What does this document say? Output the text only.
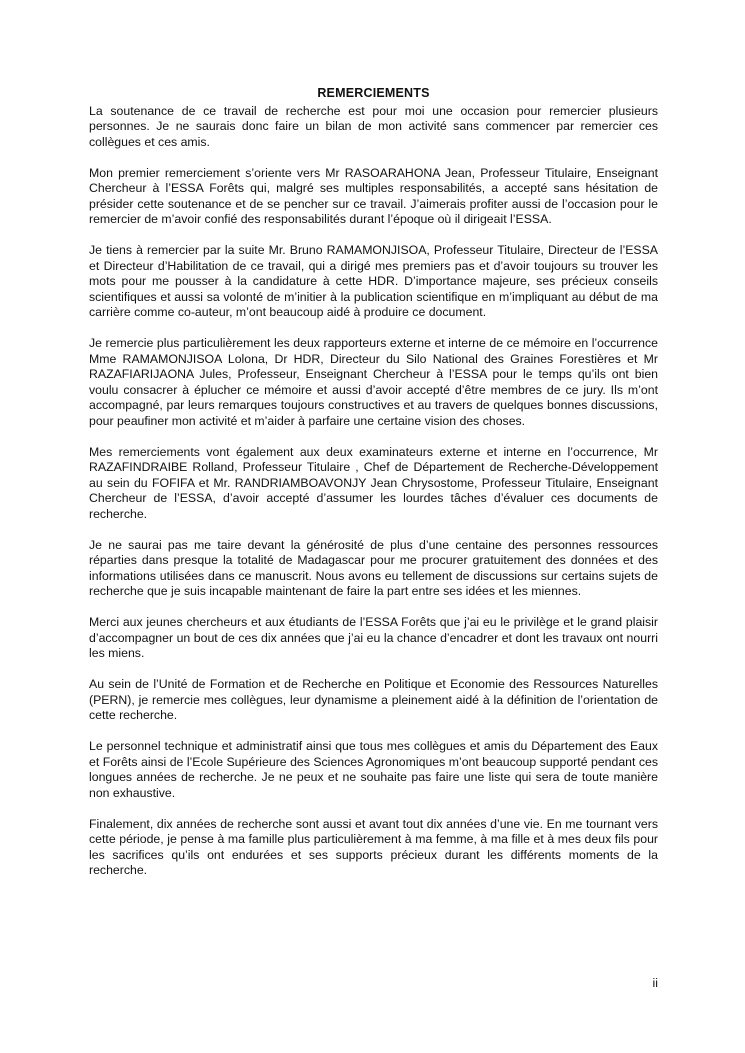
REMERCIEMENTS

La soutenance de ce travail de recherche est pour moi une occasion pour remercier plusieurs personnes. Je ne saurais donc faire un bilan de mon activité sans commencer par remercier ces collègues et ces amis.

Mon premier remerciement s’oriente vers Mr RASOARAHONA Jean, Professeur Titulaire, Enseignant Chercheur à l’ESSA Forêts qui, malgré ses multiples responsabilités, a accepté sans hésitation de présider cette soutenance et de se pencher sur ce travail. J’aimerais profiter aussi de l’occasion pour le remercier de m’avoir confié des responsabilités durant l’époque où il dirigeait l’ESSA.

Je tiens à remercier par la suite Mr. Bruno RAMAMONJISOA, Professeur Titulaire, Directeur de l’ESSA et Directeur d’Habilitation de ce travail, qui a dirigé mes premiers pas et d’avoir toujours su trouver les mots pour me pousser à la candidature à cette HDR. D’importance majeure, ses précieux conseils scientifiques et aussi sa volonté de m’initier à la publication scientifique en m’impliquant au début de ma carrière comme co-auteur, m’ont beaucoup aidé à produire ce document.

Je remercie plus particulièrement les deux rapporteurs externe et interne de ce mémoire en l’occurrence Mme RAMAMONJISOA Lolona, Dr HDR, Directeur du Silo National des Graines Forestières et Mr RAZAFIARIJAONA Jules, Professeur, Enseignant Chercheur à l’ESSA pour le temps qu’ils ont bien voulu consacrer à éplucher ce mémoire et aussi d’avoir accepté d’être membres de ce jury. Ils m’ont accompagné, par leurs remarques toujours constructives et au travers de quelques bonnes discussions, pour peaufiner mon activité et m’aider à parfaire une certaine vision des choses.

Mes remerciements vont également aux deux examinateurs externe et interne en l’occurrence, Mr RAZAFINDRAIBE Rolland, Professeur Titulaire , Chef de Département de Recherche-Développement au sein du FOFIFA et Mr. RANDRIAMBOAVONJY Jean Chrysostome, Professeur Titulaire, Enseignant Chercheur de l’ESSA, d’avoir accepté d’assumer les lourdes tâches d’évaluer ces documents de recherche.

Je ne saurai pas me taire devant la générosité de plus d’une centaine des personnes ressources réparties dans presque la totalité de Madagascar pour me procurer gratuitement des données et des informations utilisées dans ce manuscrit. Nous avons eu tellement de discussions sur certains sujets de recherche que je suis incapable maintenant de faire la part entre ses idées et les miennes.

Merci aux jeunes chercheurs et aux étudiants de l’ESSA Forêts que j’ai eu le privilège et le grand plaisir d’accompagner un bout de ces dix années que j’ai eu la chance d’encadrer et dont les travaux ont nourri les miens.

Au sein de l’Unité de Formation et de Recherche en Politique et Economie des Ressources Naturelles (PERN), je remercie mes collègues, leur dynamisme a pleinement aidé à la définition de l’orientation de cette recherche.

Le personnel technique et administratif ainsi que tous mes collègues et amis du Département des Eaux et Forêts ainsi de l’Ecole Supérieure des Sciences Agronomiques m’ont beaucoup supporté pendant ces longues années de recherche. Je ne peux et ne souhaite pas faire une liste qui sera de toute manière non exhaustive.

Finalement, dix années de recherche sont aussi et avant tout dix années d’une vie. En me tournant vers cette période, je pense à ma famille plus particulièrement à ma femme, à ma fille et à mes deux fils pour les sacrifices qu’ils ont endurées et ses supports précieux durant les différents moments de la recherche.

ii
